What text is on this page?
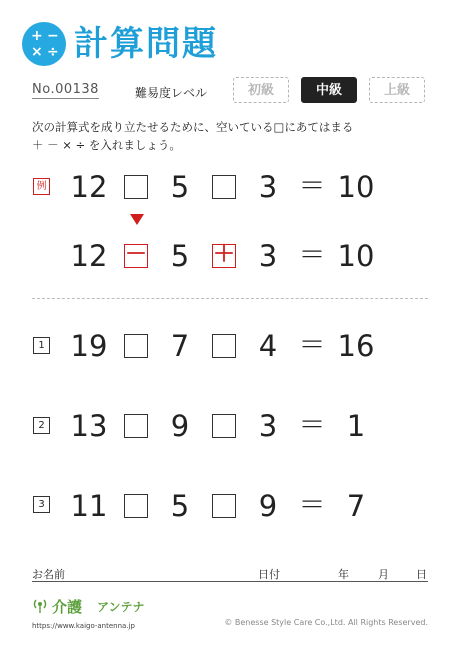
+ −
× ÷ 計算問題
No.00138	難易度レベル	初級	中級	上級
次の計算式を成り立たせるために、空いている□にあてはまる
＋ － × ÷ を入れましょう。
例 12	5	3 ＝ 10
12 － 5	＋ 3 ＝ 10
1 19	7	4 ＝ 16
2 13	9	3 ＝ 1
3 11	5	9 ＝ 7
お名前	日付	年	月 日
介護 アンテナ
https://www.kaigo-antenna.jp	© Benesse Style Care Co.,Ltd. All Rights Reserved.
